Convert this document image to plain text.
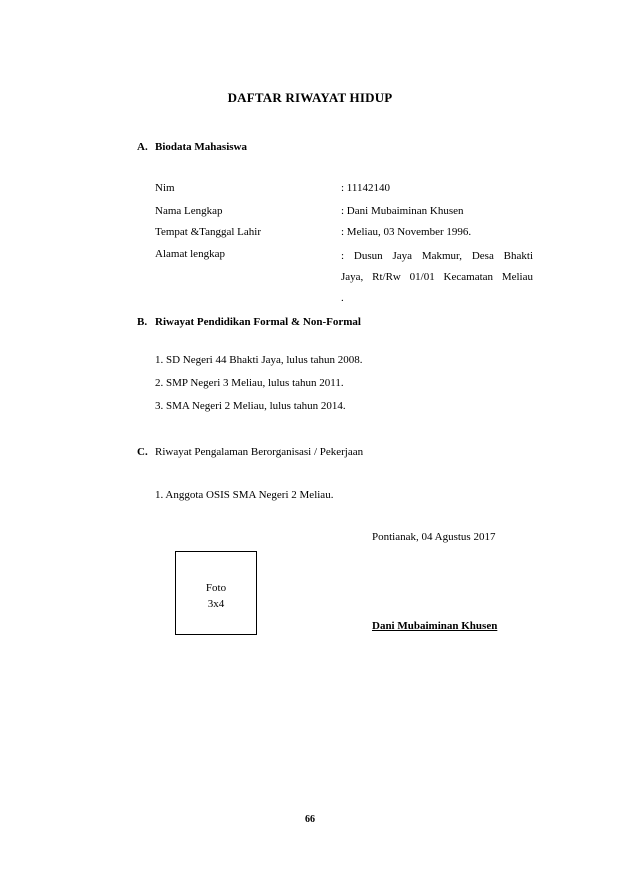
DAFTAR RIWAYAT HIDUP
A. Biodata Mahasiswa
Nim	: 11142140
Nama Lengkap	: Dani Mubaiminan Khusen
Tempat &Tanggal Lahir	: Meliau, 03 November 1996.
Alamat lengkap	: Dusun Jaya Makmur, Desa Bhakti
Jaya, Rt/Rw 01/01 Kecamatan Meliau
.
B. Riwayat Pendidikan Formal & Non-Formal
1. SD Negeri 44 Bhakti Jaya, lulus tahun 2008.
2. SMP Negeri 3 Meliau, lulus tahun 2011.
3. SMA Negeri 2 Meliau, lulus tahun 2014.
C. Riwayat Pengalaman Berorganisasi / Pekerjaan
1. Anggota OSIS SMA Negeri 2 Meliau.
Pontianak, 04 Agustus 2017
Foto
3x4
Dani Mubaiminan Khusen
66
